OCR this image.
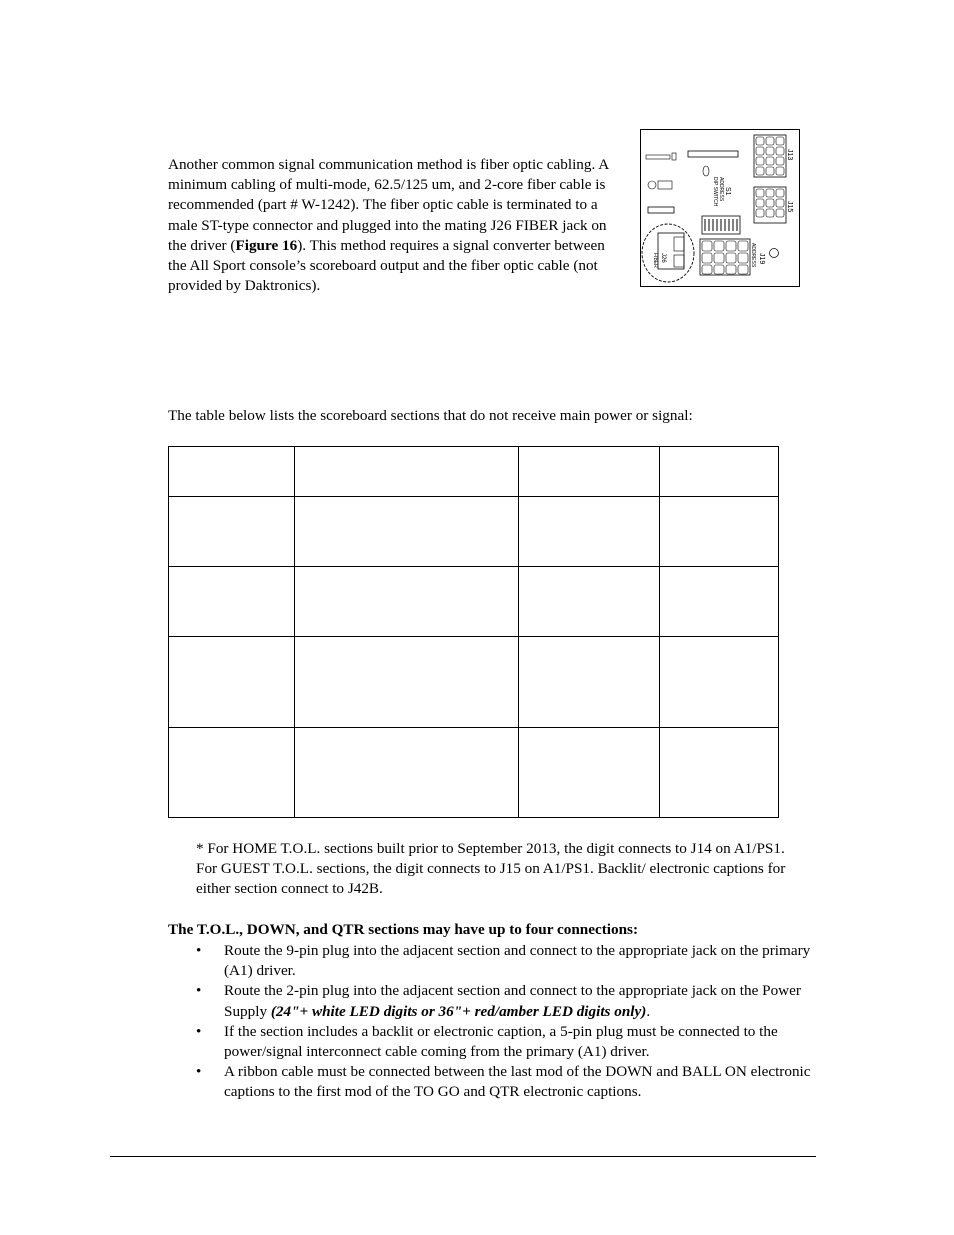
Another common signal communication method is fiber optic cabling. A minimum cabling of multi-mode, 62.5/125 um, and 2-core fiber cable is recommended (part # W-1242). The fiber optic cable is terminated to a male ST-type connector and plugged into the mating J26 FIBER jack on the driver (Figure 16). This method requires a signal converter between the All Sport console’s scoreboard output and the fiber optic cable (not provided by Daktronics).

J13
J15
S1
ADDRESS
DIP SWITCH
J19
ADDRESS
J26
FIBER

The table below lists the scoreboard sections that do not receive main power or signal:

* For HOME T.O.L. sections built prior to September 2013, the digit connects to J14 on A1/PS1. For GUEST T.O.L. sections, the digit connects to J15 on A1/PS1. Backlit/ electronic captions for either section connect to J42B.

The T.O.L., DOWN, and QTR sections may have up to four connections:

• Route the 9-pin plug into the adjacent section and connect to the appropriate jack on the primary (A1) driver.
• Route the 2-pin plug into the adjacent section and connect to the appropriate jack on the Power Supply (24"+ white LED digits or 36"+ red/amber LED digits only).
• If the section includes a backlit or electronic caption, a 5-pin plug must be connected to the power/signal interconnect cable coming from the primary (A1) driver.
• A ribbon cable must be connected between the last mod of the DOWN and BALL ON electronic captions to the first mod of the TO GO and QTR electronic captions.
